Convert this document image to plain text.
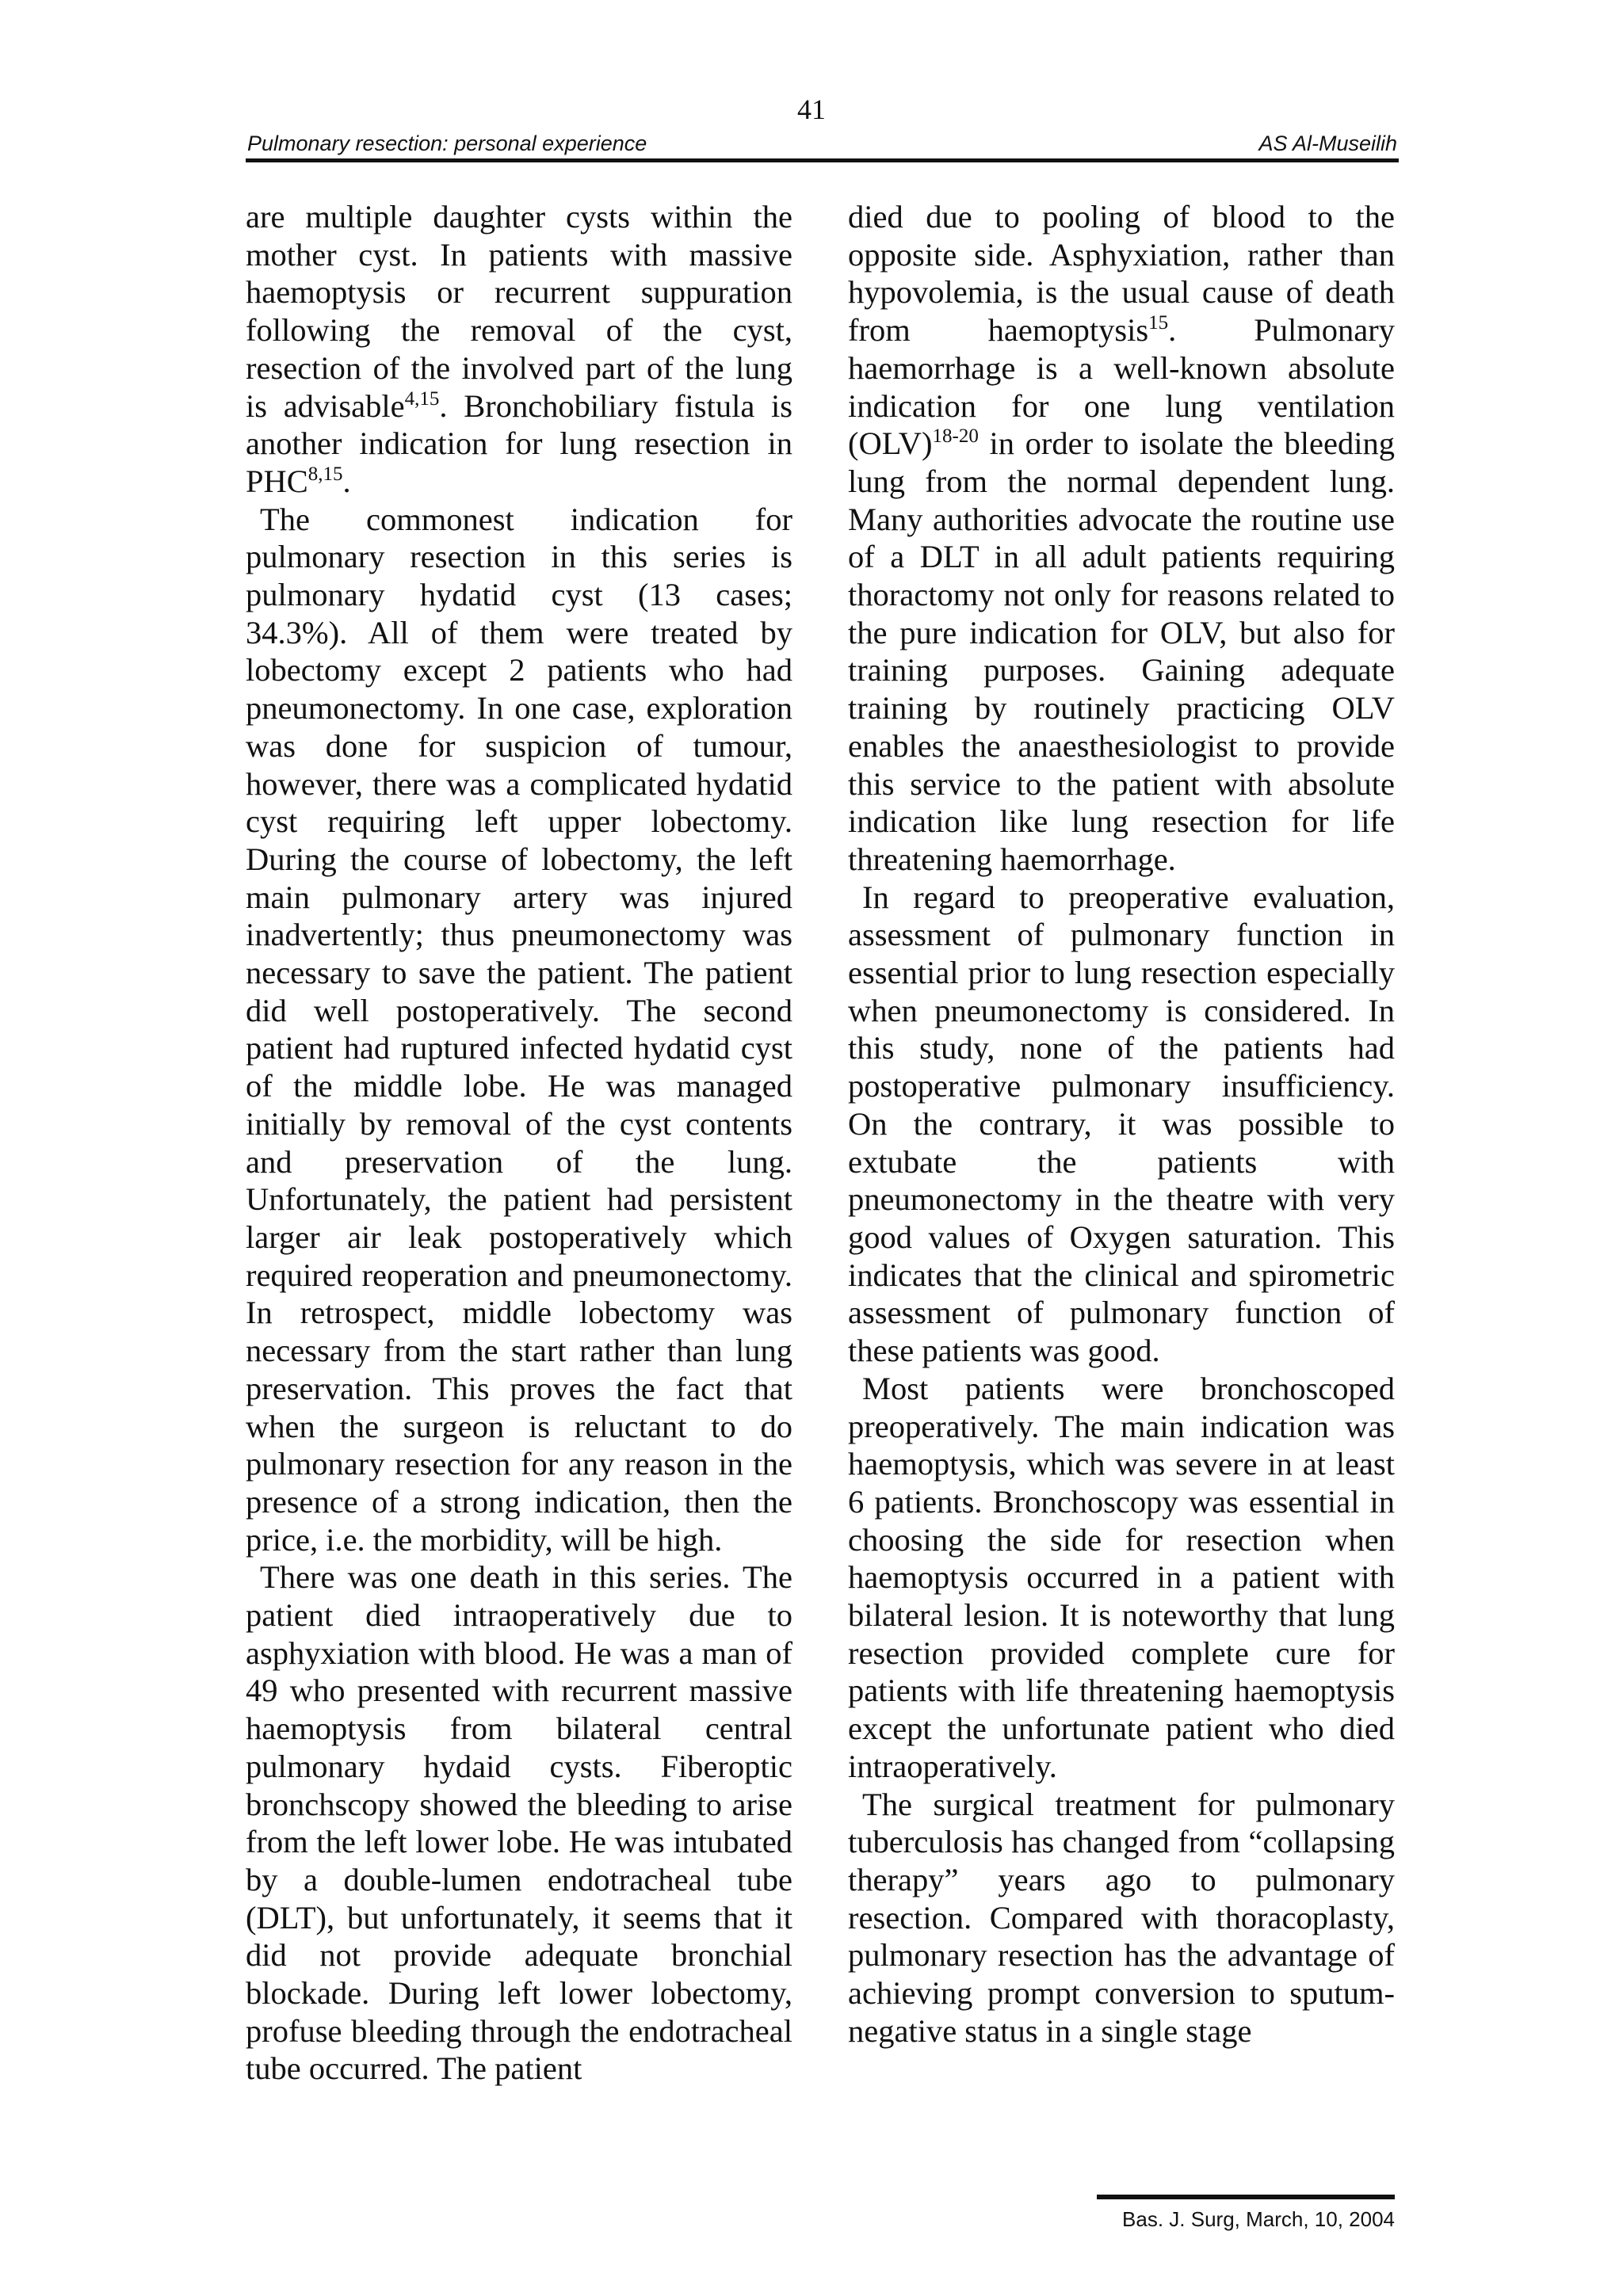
41
Pulmonary resection: personal experience	AS Al-Museilih

are multiple daughter cysts within the mother cyst. In patients with massive haemoptysis or recurrent suppuration following the removal of the cyst, resection of the involved part of the lung is advisable$^{4,15}$. Bronchobiliary fistula is another indication for lung resection in PHC$^{8,15}$.

The commonest indication for pulmonary resection in this series is pulmonary hydatid cyst (13 cases; 34.3%). All of them were treated by lobectomy except 2 patients who had pneumonectomy. In one case, exploration was done for suspicion of tumour, however, there was a complicated hydatid cyst requiring left upper lobectomy. During the course of lobectomy, the left main pulmonary artery was injured inadvertently; thus pneumonectomy was necessary to save the patient. The patient did well postoperatively. The second patient had ruptured infected hydatid cyst of the middle lobe. He was managed initially by removal of the cyst contents and preservation of the lung. Unfortunately, the patient had persistent larger air leak postoperatively which required reoperation and pneumonectomy. In retrospect, middle lobectomy was necessary from the start rather than lung preservation. This proves the fact that when the surgeon is reluctant to do pulmonary resection for any reason in the presence of a strong indication, then the price, i.e. the morbidity, will be high.

There was one death in this series. The patient died intraoperatively due to asphyxiation with blood. He was a man of 49 who presented with recurrent massive haemoptysis from bilateral central pulmonary hydaid cysts. Fiberoptic bronchscopy showed the bleeding to arise from the left lower lobe. He was intubated by a double-lumen endotracheal tube (DLT), but unfortunately, it seems that it did not provide adequate bronchial blockade. During left lower lobectomy, profuse bleeding through the endotracheal tube occurred. The patient

died due to pooling of blood to the opposite side. Asphyxiation, rather than hypovolemia, is the usual cause of death from haemoptysis$^{15}$. Pulmonary haemorrhage is a well-known absolute indication for one lung ventilation (OLV)$^{18-20}$ in order to isolate the bleeding lung from the normal dependent lung. Many authorities advocate the routine use of a DLT in all adult patients requiring thoractomy not only for reasons related to the pure indication for OLV, but also for training purposes. Gaining adequate training by routinely practicing OLV enables the anaesthesiologist to provide this service to the patient with absolute indication like lung resection for life threatening haemorrhage.

In regard to preoperative evaluation, assessment of pulmonary function in essential prior to lung resection especially when pneumonectomy is considered. In this study, none of the patients had postoperative pulmonary insufficiency. On the contrary, it was possible to extubate the patients with pneumonectomy in the theatre with very good values of Oxygen saturation. This indicates that the clinical and spirometric assessment of pulmonary function of these patients was good.

Most patients were bronchoscoped preoperatively. The main indication was haemoptysis, which was severe in at least 6 patients. Bronchoscopy was essential in choosing the side for resection when haemoptysis occurred in a patient with bilateral lesion. It is noteworthy that lung resection provided complete cure for patients with life threatening haemoptysis except the unfortunate patient who died intraoperatively.

The surgical treatment for pulmonary tuberculosis has changed from “collapsing therapy” years ago to pulmonary resection. Compared with thoracoplasty, pulmonary resection has the advantage of achieving prompt conversion to sputum-negative status in a single stage

Bas. J. Surg, March, 10, 2004
